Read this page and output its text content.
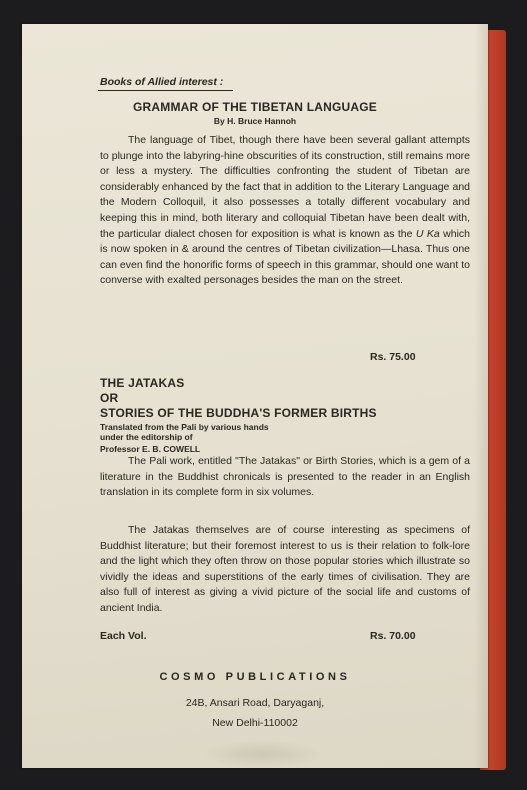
Books of Allied interest :
GRAMMAR OF THE TIBETAN LANGUAGE
By H. Bruce Hannoh
The language of Tibet, though there have been several gallant attempts to plunge into the labyring-hine obscurities of its construction, still remains more or less a mystery. The difficulties confronting the student of Tibetan are considerably enhanced by the fact that in addition to the Literary Language and the Modern Colloquil, it also possesses a totally different vocabulary and keeping this in mind, both literary and colloquial Tibetan have been dealt with, the particular dialect chosen for exposition is what is known as the U Ka which is now spoken in & around the centres of Tibetan civilization—Lhasa. Thus one can even find the honorific forms of speech in this grammar, should one want to converse with exalted personages besides the man on the street.
Rs. 75.00
THE JATAKAS
OR
STORIES OF THE BUDDHA'S FORMER BIRTHS
Translated from the Pali by various hands
under the editorship of
Professor E. B. COWELL
The Pali work, entitled "The Jatakas" or Birth Stories, which is a gem of a literature in the Buddhist chronicals is presented to the reader in an English translation in its complete form in six volumes.
The Jatakas themselves are of course interesting as specimens of Buddhist literature; but their foremost interest to us is their relation to folk-lore and the light which they often throw on those popular stories which illustrate so vividly the ideas and superstitions of the early times of civilisation. They are also full of interest as giving a vivid picture of the social life and customs of ancient India.
Each Vol.	Rs. 70.00
COSMO PUBLICATIONS
24B, Ansari Road, Daryaganj,
New Delhi-110002
